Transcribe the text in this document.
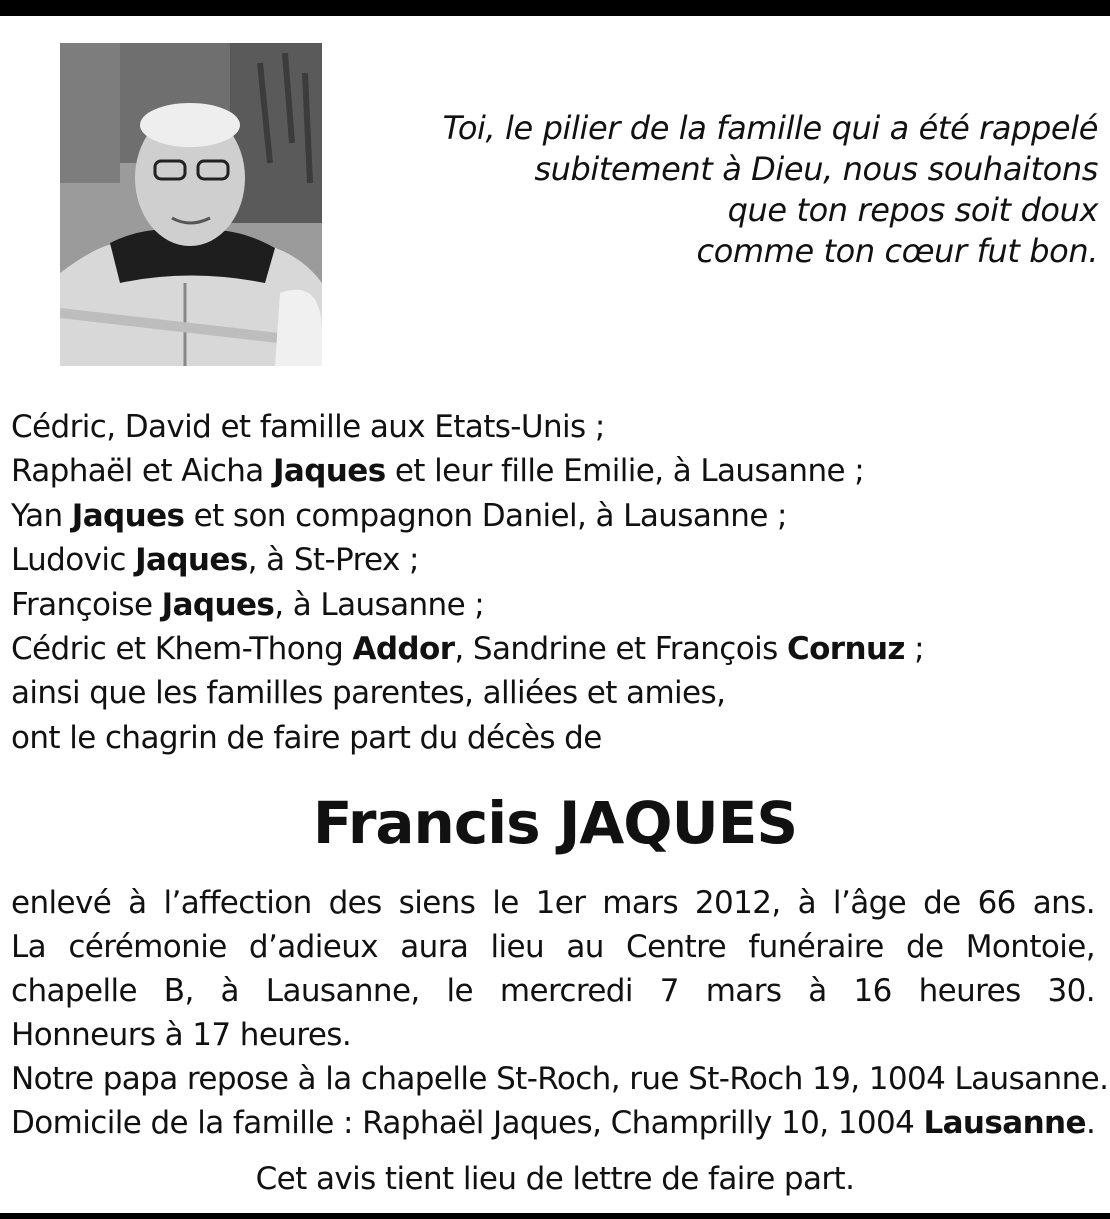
Toi, le pilier de la famille qui a été rappelé
subitement à Dieu, nous souhaitons
que ton repos soit doux
comme ton cœur fut bon.
Cédric, David et famille aux Etats-Unis ;
Raphaël et Aicha Jaques et leur fille Emilie, à Lausanne ;
Yan Jaques et son compagnon Daniel, à Lausanne ;
Ludovic Jaques, à St-Prex ;
Françoise Jaques, à Lausanne ;
Cédric et Khem-Thong Addor, Sandrine et François Cornuz ;
ainsi que les familles parentes, alliées et amies,
ont le chagrin de faire part du décès de
Francis JAQUES
enlevé à l’affection des siens le 1er mars 2012, à l’âge de 66 ans.
La cérémonie d’adieux aura lieu au Centre funéraire de Montoie,
chapelle B, à Lausanne, le mercredi 7 mars à 16 heures 30.
Honneurs à 17 heures.
Notre papa repose à la chapelle St-Roch, rue St-Roch 19, 1004 Lausanne.
Domicile de la famille : Raphaël Jaques, Champrilly 10, 1004 Lausanne.
Cet avis tient lieu de lettre de faire part.
